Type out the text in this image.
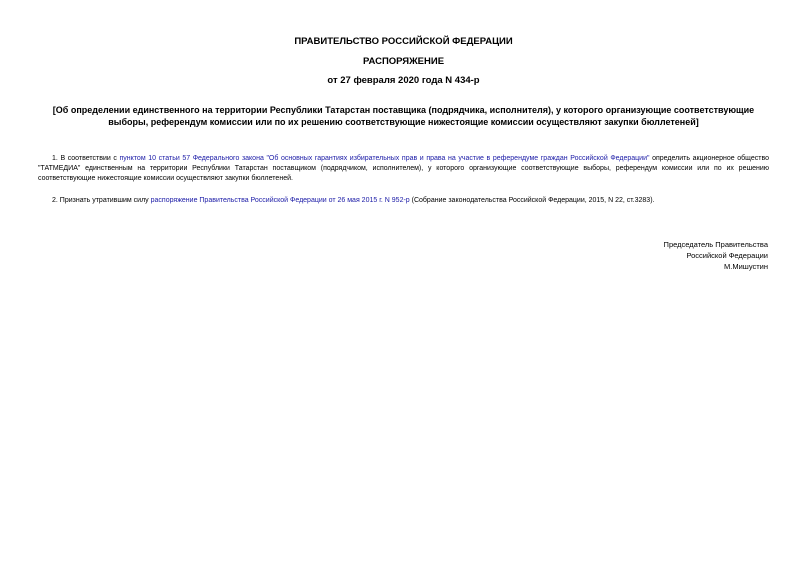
ПРАВИТЕЛЬСТВО РОССИЙСКОЙ ФЕДЕРАЦИИ
РАСПОРЯЖЕНИЕ
от 27 февраля 2020 года N 434-р
[Об определении единственного на территории Республики Татарстан поставщика (подрядчика, исполнителя), у которого организующие соответствующие выборы, референдум комиссии или по их решению соответствующие нижестоящие комиссии осуществляют закупки бюллетеней]
1. В соответствии с пунктом 10 статьи 57 Федерального закона "Об основных гарантиях избирательных прав и права на участие в референдуме граждан Российской Федерации" определить акционерное общество "ТАТМЕДИА" единственным на территории Республики Татарстан поставщиком (подрядчиком, исполнителем), у которого организующие соответствующие выборы, референдум комиссии или по их решению соответствующие нижестоящие комиссии осуществляют закупки бюллетеней.
2. Признать утратившим силу распоряжение Правительства Российской Федерации от 26 мая 2015 г. N 952-р (Собрание законодательства Российской Федерации, 2015, N 22, ст.3283).
Председатель Правительства
Российской Федерации
М.Мишустин
